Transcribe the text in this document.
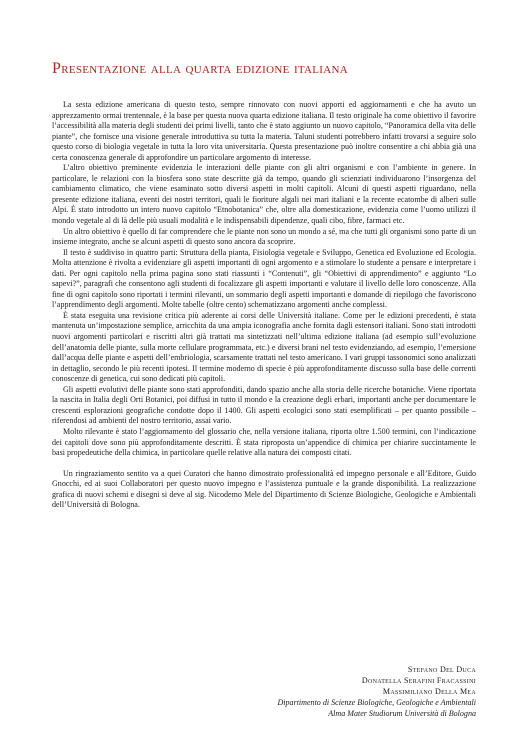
Presentazione alla quarta edizione italiana

La sesta edizione americana di questo testo, sempre rinnovato con nuovi apporti ed aggiornamenti e che ha avuto un apprezzamento ormai trentennale, è la base per questa nuova quarta edizione italiana. Il testo originale ha come obiettivo il favorire l’accessibilità alla materia degli studenti dei primi livelli, tanto che è stato aggiunto un nuovo capitolo, “Panoramica della vita delle piante”, che fornisce una visione generale introduttiva su tutta la materia. Taluni studenti potrebbero infatti trovarsi a seguire solo questo corso di biologia vegetale in tutta la loro vita universitaria. Questa presentazione può inoltre consentire a chi abbia già una certa conoscenza generale di approfondire un particolare argomento di interesse.

L’altro obiettivo preminente evidenzia le interazioni delle piante con gli altri organismi e con l’ambiente in genere. In particolare, le relazioni con la biosfera sono state descritte già da tempo, quando gli scienziati individuarono l’insorgenza del cambiamento climatico, che viene esaminato sotto diversi aspetti in molti capitoli. Alcuni di questi aspetti riguardano, nella presente edizione italiana, eventi dei nostri territori, quali le fioriture algali nei mari italiani e la recente ecatombe di alberi sulle Alpi. È stato introdotto un intero nuovo capitolo “Etnobotanica” che, oltre alla domesticazione, evidenzia come l’uomo utilizzi il mondo vegetale al di là delle più usuali modalità e le indispensabili dipendenze, quali cibo, fibre, farmaci etc.

Un altro obiettivo è quello di far comprendere che le piante non sono un mondo a sé, ma che tutti gli organismi sono parte di un insieme integrato, anche se alcuni aspetti di questo sono ancora da scoprire.

Il testo è suddiviso in quattro parti: Struttura della pianta, Fisiologia vegetale e Sviluppo, Genetica ed Evoluzione ed Ecologia. Molta attenzione è rivolta a evidenziare gli aspetti importanti di ogni argomento e a stimolare lo studente a pensare e interpretare i dati. Per ogni capitolo nella prima pagina sono stati riassunti i “Contenuti”, gli “Obiettivi di apprendimento” e aggiunto “Lo sapevi?”, paragrafi che consentono agli studenti di focalizzare gli aspetti importanti e valutare il livello delle loro conoscenze. Alla fine di ogni capitolo sono riportati i termini rilevanti, un sommario degli aspetti importanti e domande di riepilogo che favoriscono l’apprendimento degli argomenti. Molte tabelle (oltre cento) schematizzano argomenti anche complessi.

È stata eseguita una revisione critica più aderente ai corsi delle Università italiane. Come per le edizioni precedenti, è stata mantenuta un’impostazione semplice, arricchita da una ampia iconografia anche fornita dagli estensori italiani. Sono stati introdotti nuovi argomenti particolari e riscritti altri già trattati ma sintetizzati nell’ultima edizione italiana (ad esempio sull’evoluzione dell’anatomia delle piante, sulla morte cellulare programmata, etc.) e diversi brani nel testo evidenziando, ad esempio, l’emersione dall’acqua delle piante e aspetti dell’embriologia, scarsamente trattati nel testo americano. I vari gruppi tassonomici sono analizzati in dettaglio, secondo le più recenti ipotesi. Il termine moderno di specie è più approfonditamente discusso sulla base delle correnti conoscenze di genetica, cui sono dedicati più capitoli.

Gli aspetti evolutivi delle piante sono stati approfonditi, dando spazio anche alla storia delle ricerche botaniche. Viene riportata la nascita in Italia degli Orti Botanici, poi diffusi in tutto il mondo e la creazione degli erbari, importanti anche per documentare le crescenti esplorazioni geografiche condotte dopo il 1400. Gli aspetti ecologici sono stati esemplificati – per quanto possibile – riferendosi ad ambienti del nostro territorio, assai vario.

Molto rilevante è stato l’aggiornamento del glossario che, nella versione italiana, riporta oltre 1.500 termini, con l’indicazione dei capitoli dove sono più approfonditamente descritti. È stata riproposta un’appendice di chimica per chiarire succintamente le basi propedeutiche della chimica, in particolare quelle relative alla natura dei composti citati.

Un ringraziamento sentito va a quei Curatori che hanno dimostrato professionalità ed impegno personale e all’Editore, Guido Gnocchi, ed ai suoi Collaboratori per questo nuovo impegno e l’assistenza puntuale e la grande disponibilità. La realizzazione grafica di nuovi schemi e disegni si deve al sig. Nicodemo Mele del Dipartimento di Scienze Biologiche, Geologiche e Ambientali dell’Università di Bologna.

Stefano Del Duca
Donatella Serafini Fracassini
Massimiliano Della Mea
Dipartimento di Scienze Biologiche, Geologiche e Ambientali
Alma Mater Studiorum Università di Bologna
